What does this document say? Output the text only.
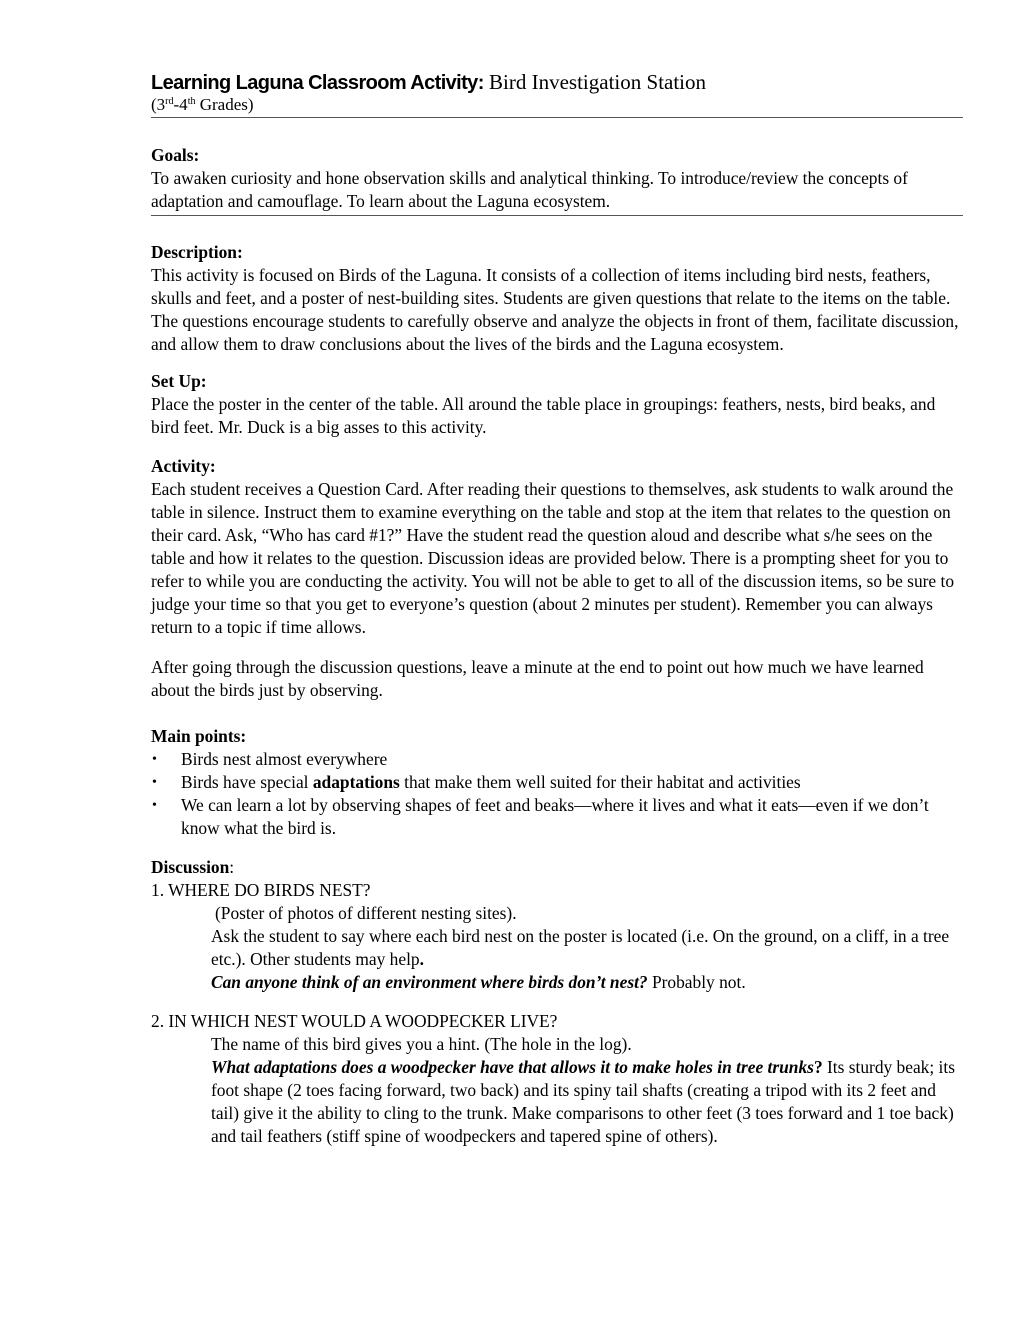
Learning Laguna Classroom Activity: Bird Investigation Station
(3rd-4th Grades)
Goals:

To awaken curiosity and hone observation skills and analytical thinking. To introduce/review the concepts of adaptation and camouflage. To learn about the Laguna ecosystem.

Description:

This activity is focused on Birds of the Laguna. It consists of a collection of items including bird nests, feathers, skulls and feet, and a poster of nest-building sites. Students are given questions that relate to the items on the table. The questions encourage students to carefully observe and analyze the objects in front of them, facilitate discussion, and allow them to draw conclusions about the lives of the birds and the Laguna ecosystem.

Set Up:

Place the poster in the center of the table. All around the table place in groupings: feathers, nests, bird beaks, and bird feet. Mr. Duck is a big asses to this activity.

Activity:

Each student receives a Question Card. After reading their questions to themselves, ask students to walk around the table in silence. Instruct them to examine everything on the table and stop at the item that relates to the question on their card. Ask, “Who has card #1?” Have the student read the question aloud and describe what s/he sees on the table and how it relates to the question. Discussion ideas are provided below. There is a prompting sheet for you to refer to while you are conducting the activity. You will not be able to get to all of the discussion items, so be sure to judge your time so that you get to everyone’s question (about 2 minutes per student). Remember you can always return to a topic if time allows.

After going through the discussion questions, leave a minute at the end to point out how much we have learned about the birds just by observing.

Main points:
• Birds nest almost everywhere
• Birds have special adaptations that make them well suited for their habitat and activities
• We can learn a lot by observing shapes of feet and beaks—where it lives and what it eats—even if we don’t know what the bird is.
Discussion:
1. WHERE DO BIRDS NEST?
(Poster of photos of different nesting sites).
Ask the student to say where each bird nest on the poster is located (i.e. On the ground, on a cliff, in a tree etc.). Other students may help.
Can anyone think of an environment where birds don’t nest? Probably not.
2. IN WHICH NEST WOULD A WOODPECKER LIVE?
The name of this bird gives you a hint. (The hole in the log).
What adaptations does a woodpecker have that allows it to make holes in tree trunks? Its sturdy beak; its foot shape (2 toes facing forward, two back) and its spiny tail shafts (creating a tripod with its 2 feet and tail) give it the ability to cling to the trunk. Make comparisons to other feet (3 toes forward and 1 toe back) and tail feathers (stiff spine of woodpeckers and tapered spine of others).
